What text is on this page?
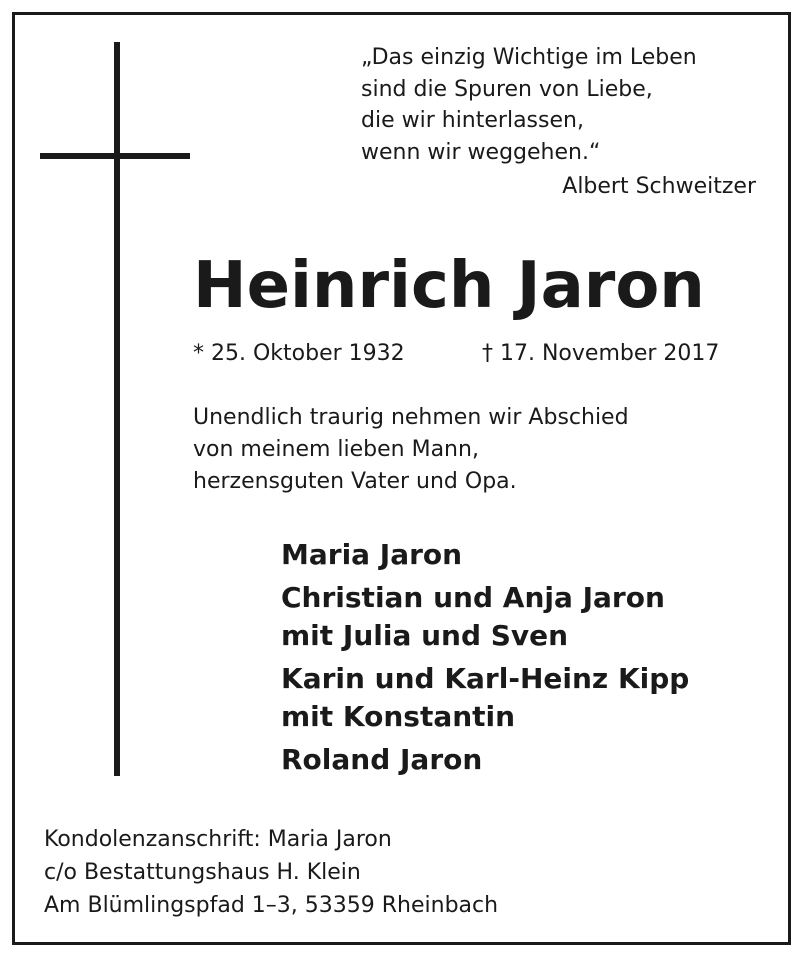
„Das einzig Wichtige im Leben
sind die Spuren von Liebe,
die wir hinterlassen,
wenn wir weggehen.“

Albert Schweitzer
Heinrich Jaron
* 25. Oktober 1932	† 17. November 2017

Unendlich traurig nehmen wir Abschied
von meinem lieben Mann,
herzensguten Vater und Opa.

Maria Jaron
Christian und Anja Jaron
mit Julia und Sven
Karin und Karl-Heinz Kipp
mit Konstantin
Roland Jaron

Kondolenzanschrift: Maria Jaron
c/o Bestattungshaus H. Klein
Am Blümlingspfad 1–3, 53359 Rheinbach
